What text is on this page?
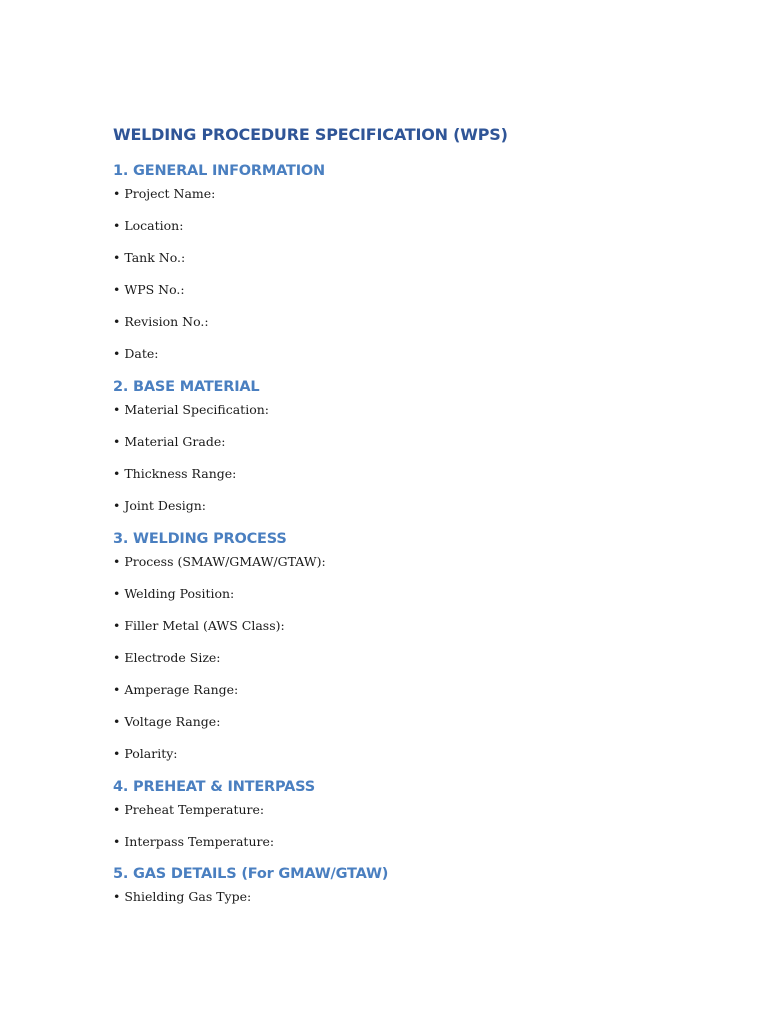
WELDING PROCEDURE SPECIFICATION (WPS)
1. GENERAL INFORMATION

• Project Name:

• Location:

• Tank No.:

• WPS No.:

• Revision No.:

• Date:

2. BASE MATERIAL

• Material Specification:

• Material Grade:

• Thickness Range:

• Joint Design:

3. WELDING PROCESS

• Process (SMAW/GMAW/GTAW):

• Welding Position:

• Filler Metal (AWS Class):

• Electrode Size:

• Amperage Range:

• Voltage Range:

• Polarity:

4. PREHEAT & INTERPASS

• Preheat Temperature:

• Interpass Temperature:

5. GAS DETAILS (For GMAW/GTAW)

• Shielding Gas Type:
